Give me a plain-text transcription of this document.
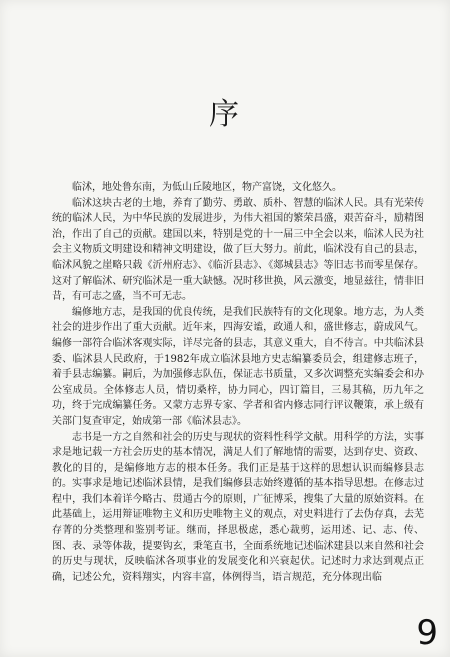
序

临沭，地处鲁东南，为低山丘陵地区，物产富饶，文化悠久。

临沭这块古老的土地，养育了勤劳、勇敢、质朴、智慧的临沭人民。具有光荣传统的临沭人民，为中华民族的发展进步，为伟大祖国的繁荣昌盛，艰苦奋斗，励精图治，作出了自己的贡献。建国以来，特别是党的十一届三中全会以来，临沭人民为社会主义物质文明建设和精神文明建设，做了巨大努力。前此，临沭没有自己的县志，临沭风貌之崖略只载《沂州府志》、《临沂县志》、《郯城县志》等旧志书而零星保存。这对了解临沭、研究临沭是一重大缺憾。况时移世换，风云激变，地显兹往，情非旧昔，有可志之盛，当不可无志。

编修地方志，是我国的优良传统，是我们民族特有的文化现象。地方志，为人类社会的进步作出了重大贡献。近年来，四海安谧，政通人和，盛世修志，蔚成风气。编修一部符合临沭客观实际，详尽完备的县志，其意义重大，自不待言。中共临沭县委、临沭县人民政府，于1982年成立临沭县地方史志编纂委员会，组建修志班子，着手县志编纂。嗣后，为加强修志队伍，保证志书质量，又多次调整充实编委会和办公室成员。全体修志人员，情切桑梓，协力同心，四订篇目，三易其稿，历九年之功，终于完成编纂任务。又蒙方志界专家、学者和省内修志同行评议鞭策，承上级有关部门复查审定，始成第一部《临沭县志》。

志书是一方之自然和社会的历史与现状的资料性科学文献。用科学的方法，实事求是地记载一方社会历史的基本情况，满足人们了解地情的需要，达到存史、资政、教化的目的，是编修地方志的根本任务。我们正是基于这样的思想认识而编修县志的。实事求是地记述临沭县情，是我们编修县志始终遵循的基本指导思想。在修志过程中，我们本着详今略古、贯通古今的原则，广征博采，搜集了大量的原始资料。在此基础上，运用辩证唯物主义和历史唯物主义的观点，对史料进行了去伪存真，去芜存菁的分类整理和鉴别考证。继而，择思极虑，悉心裁剪，运用述、记、志、传、图、表、录等体裁，提要钩玄，秉笔直书，全面系统地记述临沭建县以来自然和社会的历史与现状，反映临沭各项事业的发展变化和兴衰起伏。记述时力求达到观点正确，记述公允，资料翔实，内容丰富，体例得当，语言规范，充分体现出临

9
